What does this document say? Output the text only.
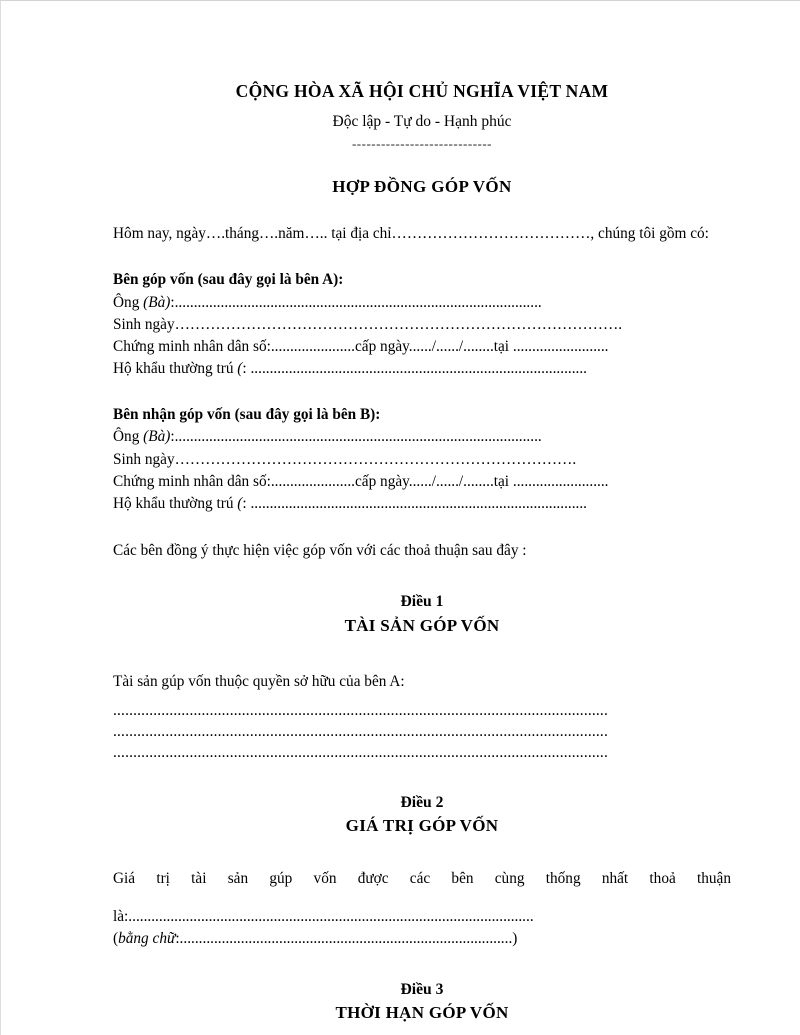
CỘNG HÒA XÃ HỘI CHỦ NGHĨA VIỆT NAM
Độc lập - Tự do - Hạnh phúc
-----------------------------
HỢP ĐỒNG GÓP VỐN

Hôm nay, ngày….tháng….năm….. tại địa chỉ…………………………………, chúng tôi gồm có:

Bên góp vốn (sau đây gọi là bên A):

Ông (Bà):................................................................................................

Sinh ngày…………………………………………………………………………….

Chứng minh nhân dân số:......................cấp ngày....../....../........tại .........................

Hộ khẩu thường trú (: ........................................................................................

Bên nhận góp vốn (sau đây gọi là bên B):

Ông (Bà):................................................................................................

Sinh ngày…………………………………………………………………….

Chứng minh nhân dân số:......................cấp ngày....../....../........tại .........................

Hộ khẩu thường trú (: ........................................................................................

Các bên đồng ý thực hiện việc góp vốn với các thoả thuận sau đây :

Điều 1

TÀI SẢN GÓP VỐN

Tài sản gúp vốn thuộc quyền sở hữu của bên A:

...........................................................................................................................

...........................................................................................................................

...........................................................................................................................

Điều 2

GIÁ TRỊ GÓP VỐN

Giá trị tài sản gúp vốn được các bên cùng thống nhất thoả thuận

là:..........................................................................................................

(bằng chữ:.......................................................................................)

Điều 3

THỜI HẠN GÓP VỐN
